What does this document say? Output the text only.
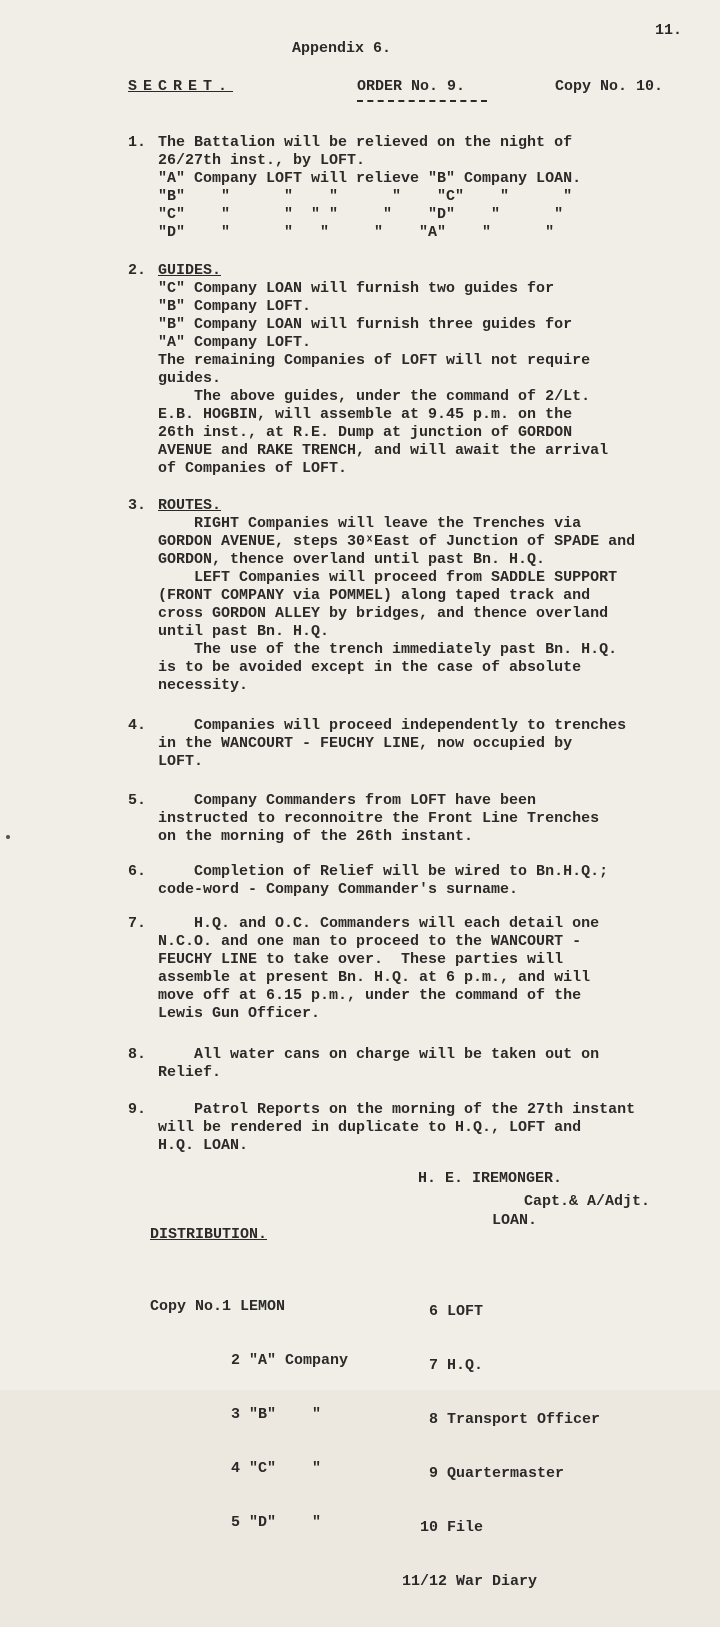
11.
Appendix 6.
SECRET.	ORDER No. 9.	Copy No. 10.
1. The Battalion will be relieved on the night of
26/27th inst., by LOFT.
"A" Company LOFT will relieve "B" Company LOAN.
"B"    "      "    "      "    "C"    "      "
"C"    "      "  " "     "    "D"    "      "
"D"    "      "   "     "    "A"    "      "
2. GUIDES.
"C" Company LOAN will furnish two guides for
"B" Company LOFT.
"B" Company LOAN will furnish three guides for
"A" Company LOFT.
The remaining Companies of LOFT will not require
guides.
The above guides, under the command of 2/Lt.
E.B. HOGBIN, will assemble at 9.45 p.m. on the
26th inst., at R.E. Dump at junction of GORDON
AVENUE and RAKE TRENCH, and will await the arrival
of Companies of LOFT.
3. ROUTES.
RIGHT Companies will leave the Trenches via
GORDON AVENUE, steps 30ˣEast of Junction of SPADE and
GORDON, thence overland until past Bn. H.Q.
LEFT Companies will proceed from SADDLE SUPPORT
(FRONT COMPANY via POMMEL) along taped track and
cross GORDON ALLEY by bridges, and thence overland
until past Bn. H.Q.
The use of the trench immediately past Bn. H.Q.
is to be avoided except in the case of absolute
necessity.
4. Companies will proceed independently to trenches
in the WANCOURT - FEUCHY LINE, now occupied by
LOFT.
5. Company Commanders from LOFT have been
instructed to reconnoitre the Front Line Trenches
on the morning of the 26th instant.
6. Completion of Relief will be wired to Bn.H.Q.;
code-word - Company Commander's surname.
7. H.Q. and O.C. Commanders will each detail one
N.C.O. and one man to proceed to the WANCOURT -
FEUCHY LINE to take over.  These parties will
assemble at present Bn. H.Q. at 6 p.m., and will
move off at 6.15 p.m., under the command of the
Lewis Gun Officer.
8. All water cans on charge will be taken out on
Relief.
9. Patrol Reports on the morning of the 27th instant
will be rendered in duplicate to H.Q., LOFT and
H.Q. LOAN.
H. E. IREMONGER.
Capt.& A/Adjt.
LOAN.
DISTRIBUTION.

Copy No.1 LEMON

2 "A" Company

3 "B"    "

4 "C"    "

5 "D"    "

6 LOFT

7 H.Q.

8 Transport Officer

9 Quartermaster

10 File

11/12 War Diary
